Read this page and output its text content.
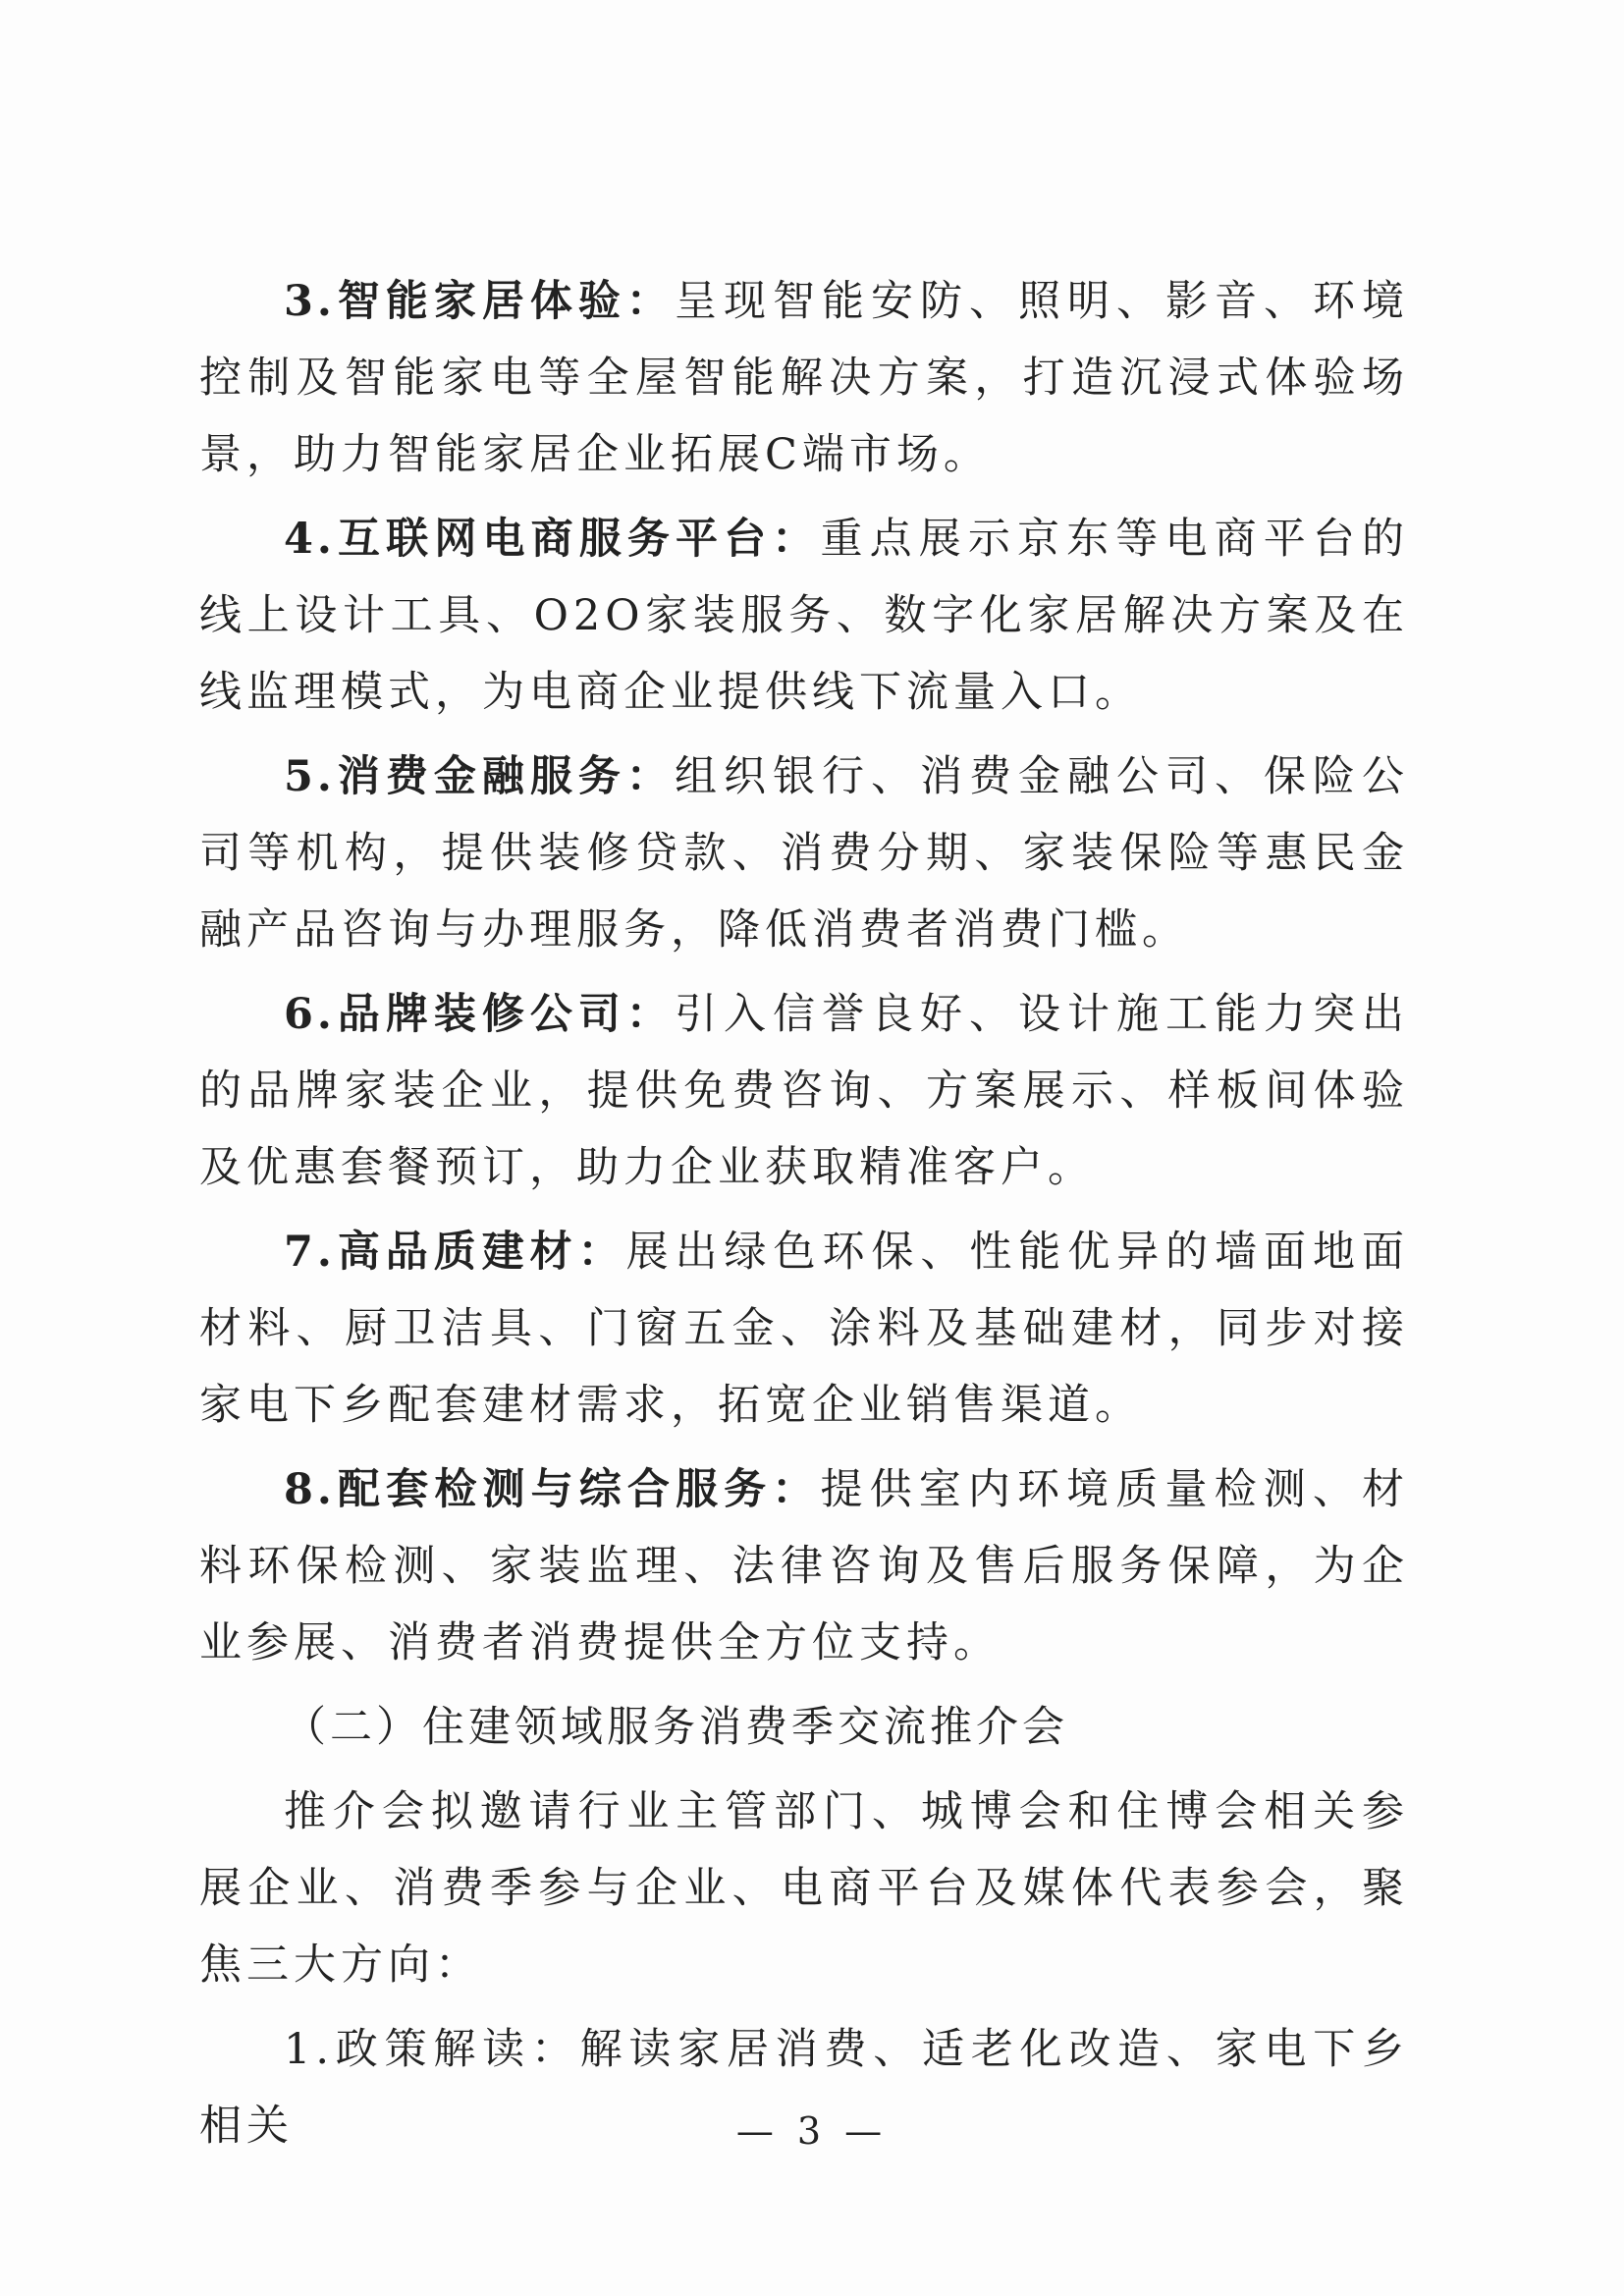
3.智能家居体验：呈现智能安防、照明、影音、环境控制及智能家电等全屋智能解决方案，打造沉浸式体验场景，助力智能家居企业拓展C端市场。

4.互联网电商服务平台：重点展示京东等电商平台的线上设计工具、O2O家装服务、数字化家居解决方案及在线监理模式，为电商企业提供线下流量入口。

5.消费金融服务：组织银行、消费金融公司、保险公司等机构，提供装修贷款、消费分期、家装保险等惠民金融产品咨询与办理服务，降低消费者消费门槛。

6.品牌装修公司：引入信誉良好、设计施工能力突出的品牌家装企业，提供免费咨询、方案展示、样板间体验及优惠套餐预订，助力企业获取精准客户。

7.高品质建材：展出绿色环保、性能优异的墙面地面材料、厨卫洁具、门窗五金、涂料及基础建材，同步对接家电下乡配套建材需求，拓宽企业销售渠道。

8.配套检测与综合服务：提供室内环境质量检测、材料环保检测、家装监理、法律咨询及售后服务保障，为企业参展、消费者消费提供全方位支持。

（二）住建领域服务消费季交流推介会

推介会拟邀请行业主管部门、城博会和住博会相关参展企业、消费季参与企业、电商平台及媒体代表参会，聚焦三大方向：

1.政策解读：解读家居消费、适老化改造、家电下乡相关	— 3 —
